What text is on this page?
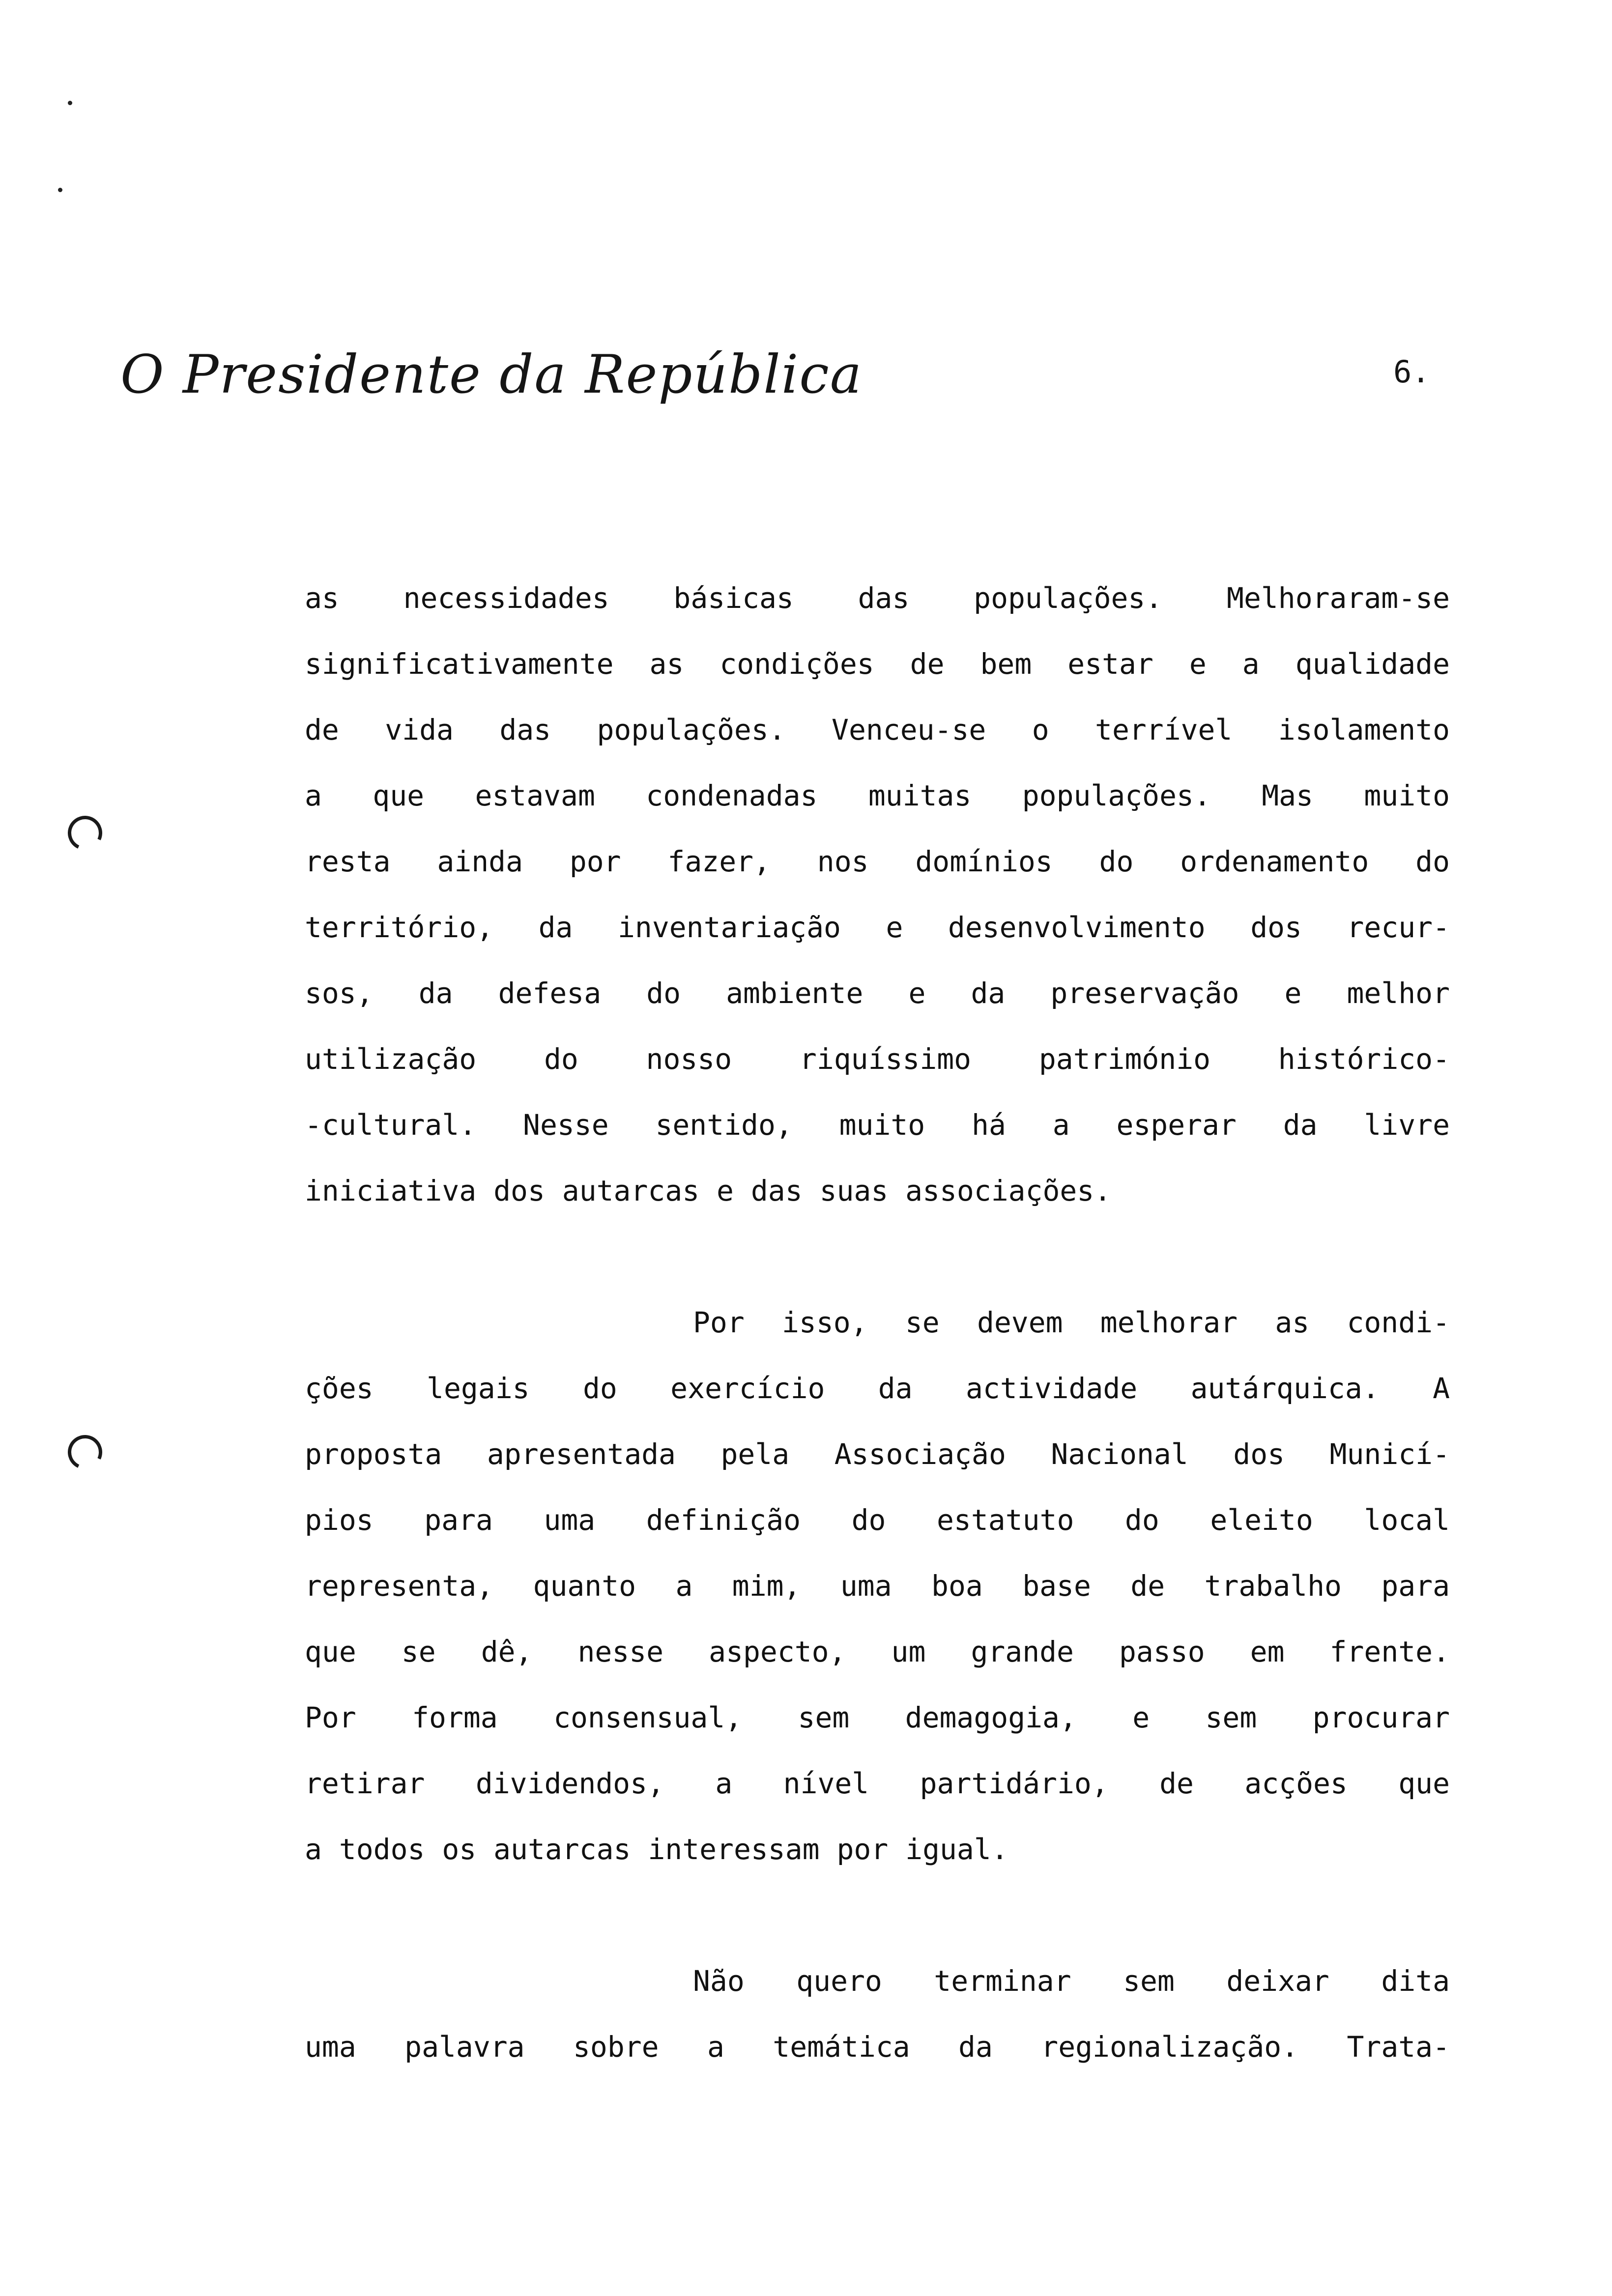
O Presidente da República	6.
as necessidades básicas das populações. Melhoraram-se
significativamente as condições de bem estar e a qualidade
de vida das populações. Venceu-se o terrível isolamento
a que estavam condenadas muitas populações. Mas muito
resta ainda por fazer, nos domínios do ordenamento do
território, da inventariação e desenvolvimento dos recur-
sos, da defesa do ambiente e da preservação e melhor
utilização do nosso riquíssimo património histórico-
-cultural. Nesse sentido, muito há a esperar da livre
iniciativa dos autarcas e das suas associações.
Por isso, se devem melhorar as condi-
ções legais do exercício da actividade autárquica. A
proposta apresentada pela Associação Nacional dos Municí-
pios para uma definição do estatuto do eleito local
representa, quanto a mim, uma boa base de trabalho para
que se dê, nesse aspecto, um grande passo em frente.
Por forma consensual, sem demagogia, e sem procurar
retirar dividendos, a nível partidário, de acções que
a todos os autarcas interessam por igual.
Não quero terminar sem deixar dita
uma palavra sobre a temática da regionalização. Trata-
